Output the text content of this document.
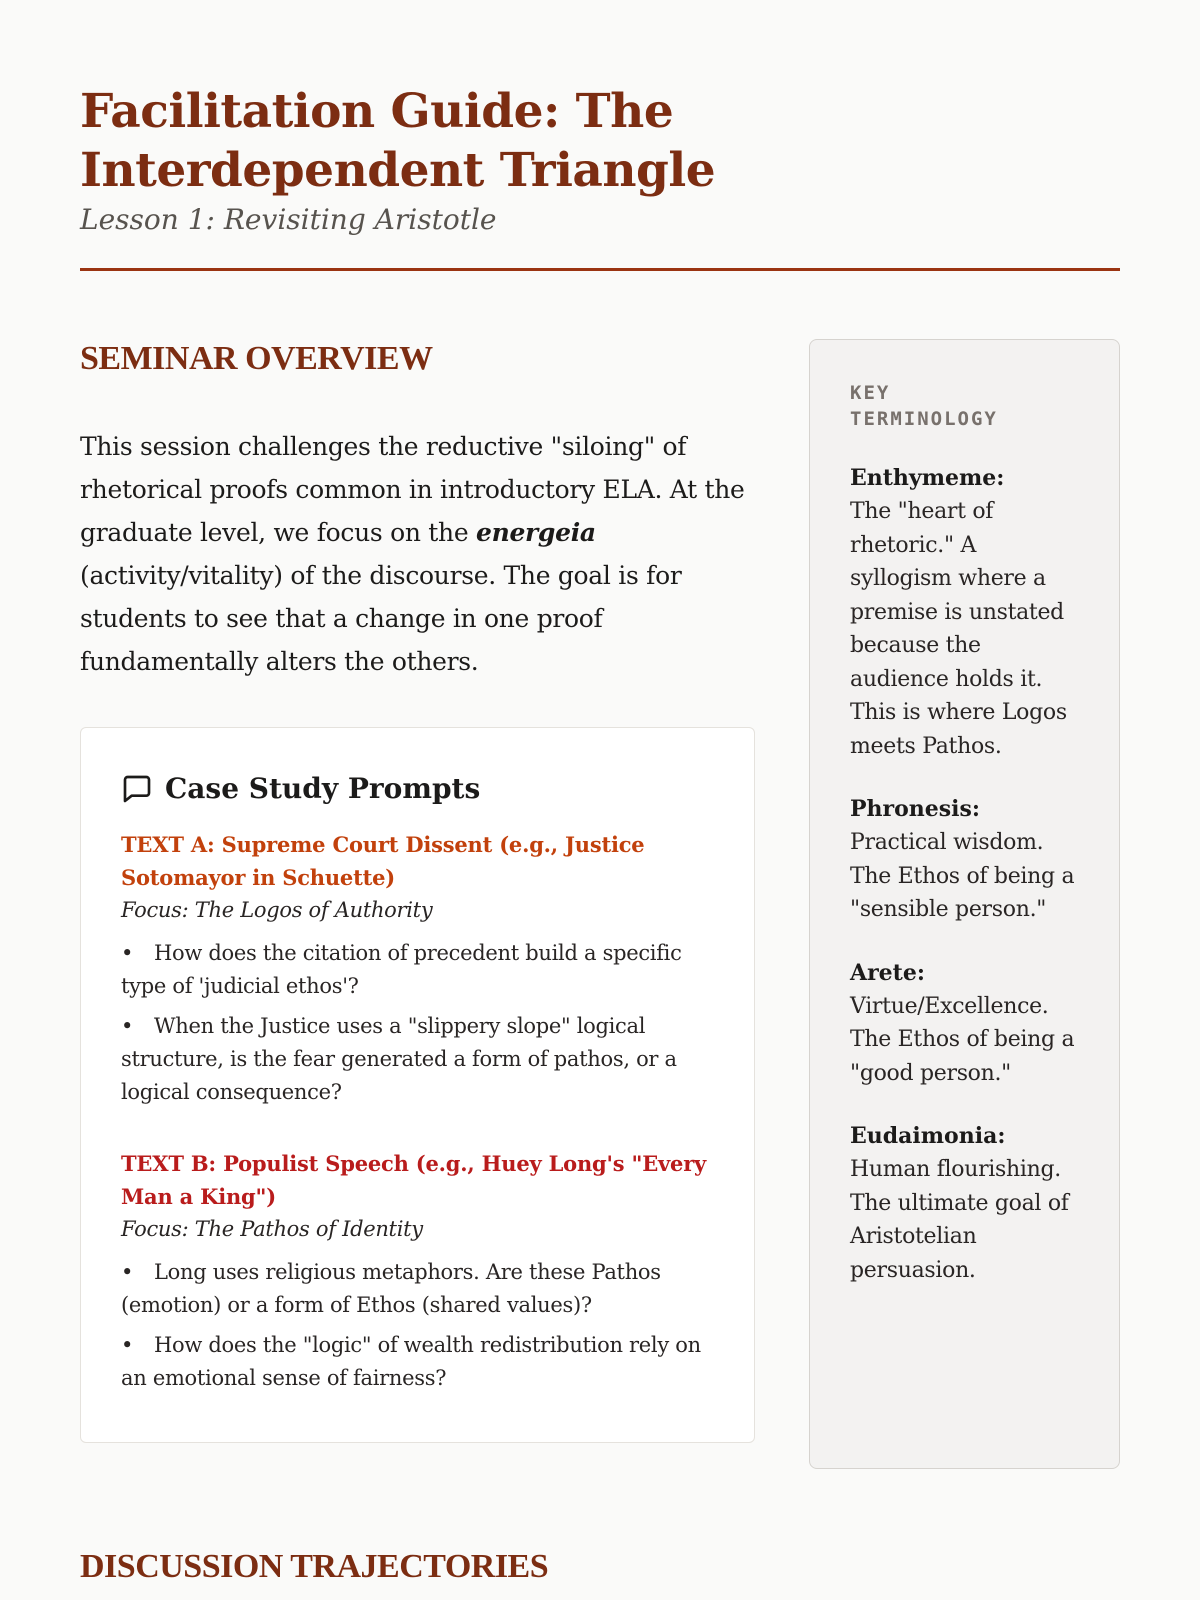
Facilitation Guide: The Interdependent Triangle
Lesson 1: Revisiting Aristotle
SEMINAR OVERVIEW

This session challenges the reductive "siloing" of rhetorical proofs common in introductory ELA. At the graduate level, we focus on the energeia (activity/vitality) of the discourse. The goal is for students to see that a change in one proof fundamentally alters the others.

Case Study Prompts
TEXT A: Supreme Court Dissent (e.g., Justice Sotomayor in Schuette)
Focus: The Logos of Authority
• How does the citation of precedent build a specific type of 'judicial ethos'?
• When the Justice uses a "slippery slope" logical structure, is the fear generated a form of pathos, or a logical consequence?
TEXT B: Populist Speech (e.g., Huey Long's "Every Man a King")
Focus: The Pathos of Identity
• Long uses religious metaphors. Are these Pathos (emotion) or a form of Ethos (shared values)?
• How does the "logic" of wealth redistribution rely on an emotional sense of fairness?
KEY TERMINOLOGY
Enthymeme:
The "heart of rhetoric." A syllogism where a premise is unstated because the audience holds it. This is where Logos meets Pathos.
Phronesis:
Practical wisdom. The Ethos of being a "sensible person."
Arete:
Virtue/Excellence. The Ethos of being a "good person."
Eudaimonia:
Human flourishing. The ultimate goal of Aristotelian persuasion.
DISCUSSION TRAJECTORIES
